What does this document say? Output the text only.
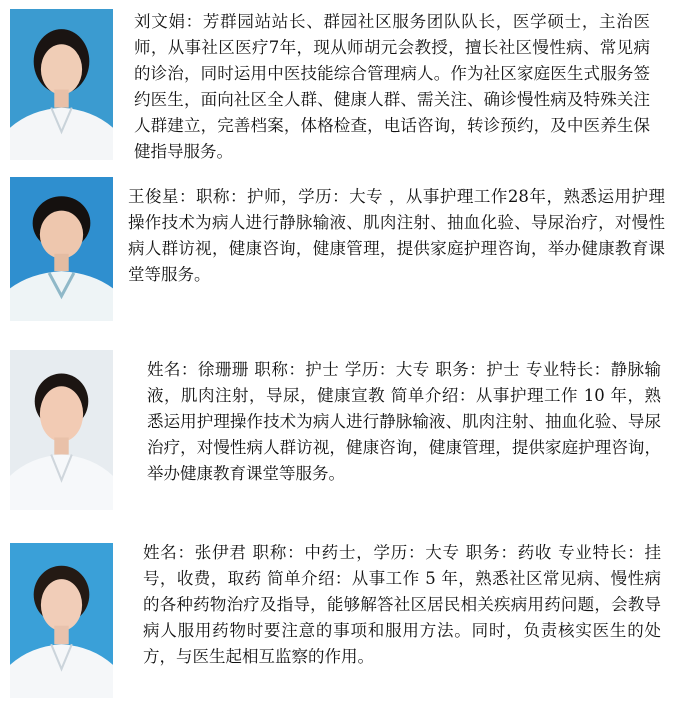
刘文娟：芳群园站站长、群园社区服务团队队长，医学硕士，主治医师，从事社区医疗7年，现从师胡元会教授，擅长社区慢性病、常见病的诊治，同时运用中医技能综合管理病人。作为社区家庭医生式服务签约医生，面向社区全人群、健康人群、需关注、确诊慢性病及特殊关注人群建立，完善档案，体格检查，电话咨询，转诊预约，及中医养生保健指导服务。

王俊星：职称：护师，学历：大专 ，从事护理工作28年，熟悉运用护理操作技术为病人进行静脉输液、肌肉注射、抽血化验、导尿治疗，对慢性病人群访视，健康咨询，健康管理，提供家庭护理咨询，举办健康教育课堂等服务。

姓名：徐珊珊 职称：护士 学历：大专 职务：护士 专业特长：静脉输液，肌肉注射，导尿，健康宣教 简单介绍：从事护理工作 10 年，熟悉运用护理操作技术为病人进行静脉输液、肌肉注射、抽血化验、导尿治疗，对慢性病人群访视，健康咨询，健康管理，提供家庭护理咨询，举办健康教育课堂等服务。

姓名：张伊君 职称：中药士，学历：大专 职务：药收 专业特长：挂号，收费，取药 简单介绍：从事工作 5 年，熟悉社区常见病、慢性病的各种药物治疗及指导，能够解答社区居民相关疾病用药问题，会教导病人服用药物时要注意的事项和服用方法。同时，负责核实医生的处方，与医生起相互监察的作用。
